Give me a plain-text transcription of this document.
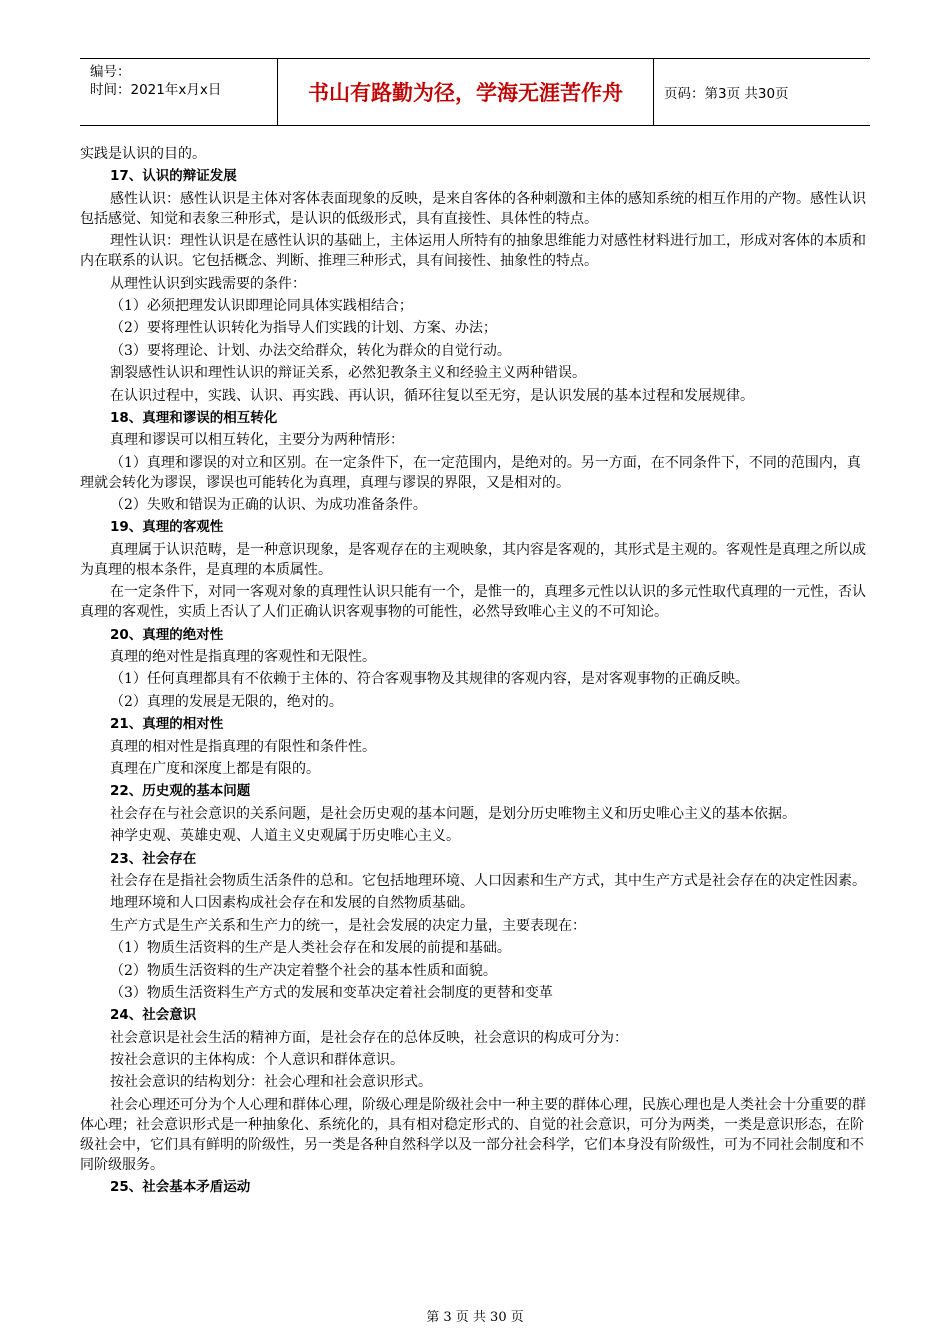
编号：
时间：2021年x月x日	书山有路勤为径，学海无涯苦作舟	页码：第3页 共30页

实践是认识的目的。

17、认识的辩证发展

感性认识：感性认识是主体对客体表面现象的反映，是来自客体的各种刺激和主体的感知系统的相互作用的产物。感性认识包括感觉、知觉和表象三种形式，是认识的低级形式，具有直接性、具体性的特点。

理性认识：理性认识是在感性认识的基础上，主体运用人所特有的抽象思维能力对感性材料进行加工，形成对客体的本质和内在联系的认识。它包括概念、判断、推理三种形式，具有间接性、抽象性的特点。

从理性认识到实践需要的条件：

（1）必须把理发认识即理论同具体实践相结合；

（2）要将理性认识转化为指导人们实践的计划、方案、办法；

（3）要将理论、计划、办法交给群众，转化为群众的自觉行动。

割裂感性认识和理性认识的辩证关系，必然犯教条主义和经验主义两种错误。

在认识过程中，实践、认识、再实践、再认识，循环往复以至无穷，是认识发展的基本过程和发展规律。

18、真理和谬误的相互转化

真理和谬误可以相互转化，主要分为两种情形：

（1）真理和谬误的对立和区别。在一定条件下，在一定范围内，是绝对的。另一方面，在不同条件下，不同的范围内，真理就会转化为谬误，谬误也可能转化为真理，真理与谬误的界限，又是相对的。

（2）失败和错误为正确的认识、为成功准备条件。

19、真理的客观性

真理属于认识范畴，是一种意识现象，是客观存在的主观映象，其内容是客观的，其形式是主观的。客观性是真理之所以成为真理的根本条件，是真理的本质属性。

在一定条件下，对同一客观对象的真理性认识只能有一个，是惟一的，真理多元性以认识的多元性取代真理的一元性，否认真理的客观性，实质上否认了人们正确认识客观事物的可能性，必然导致唯心主义的不可知论。

20、真理的绝对性

真理的绝对性是指真理的客观性和无限性。

（1）任何真理都具有不依赖于主体的、符合客观事物及其规律的客观内容，是对客观事物的正确反映。

（2）真理的发展是无限的，绝对的。

21、真理的相对性

真理的相对性是指真理的有限性和条件性。

真理在广度和深度上都是有限的。

22、历史观的基本问题

社会存在与社会意识的关系问题，是社会历史观的基本问题，是划分历史唯物主义和历史唯心主义的基本依据。

神学史观、英雄史观、人道主义史观属于历史唯心主义。

23、社会存在

社会存在是指社会物质生活条件的总和。它包括地理环境、人口因素和生产方式，其中生产方式是社会存在的决定性因素。

地理环境和人口因素构成社会存在和发展的自然物质基础。

生产方式是生产关系和生产力的统一，是社会发展的决定力量，主要表现在：

（1）物质生活资料的生产是人类社会存在和发展的前提和基础。

（2）物质生活资料的生产决定着整个社会的基本性质和面貌。

（3）物质生活资料生产方式的发展和变革决定着社会制度的更替和变革

24、社会意识

社会意识是社会生活的精神方面，是社会存在的总体反映，社会意识的构成可分为：

按社会意识的主体构成：个人意识和群体意识。

按社会意识的结构划分：社会心理和社会意识形式。

社会心理还可分为个人心理和群体心理，阶级心理是阶级社会中一种主要的群体心理，民族心理也是人类社会十分重要的群体心理；社会意识形式是一种抽象化、系统化的，具有相对稳定形式的、自觉的社会意识，可分为两类，一类是意识形态，在阶级社会中，它们具有鲜明的阶级性，另一类是各种自然科学以及一部分社会科学，它们本身没有阶级性，可为不同社会制度和不同阶级服务。

25、社会基本矛盾运动

第 3 页 共 30 页
